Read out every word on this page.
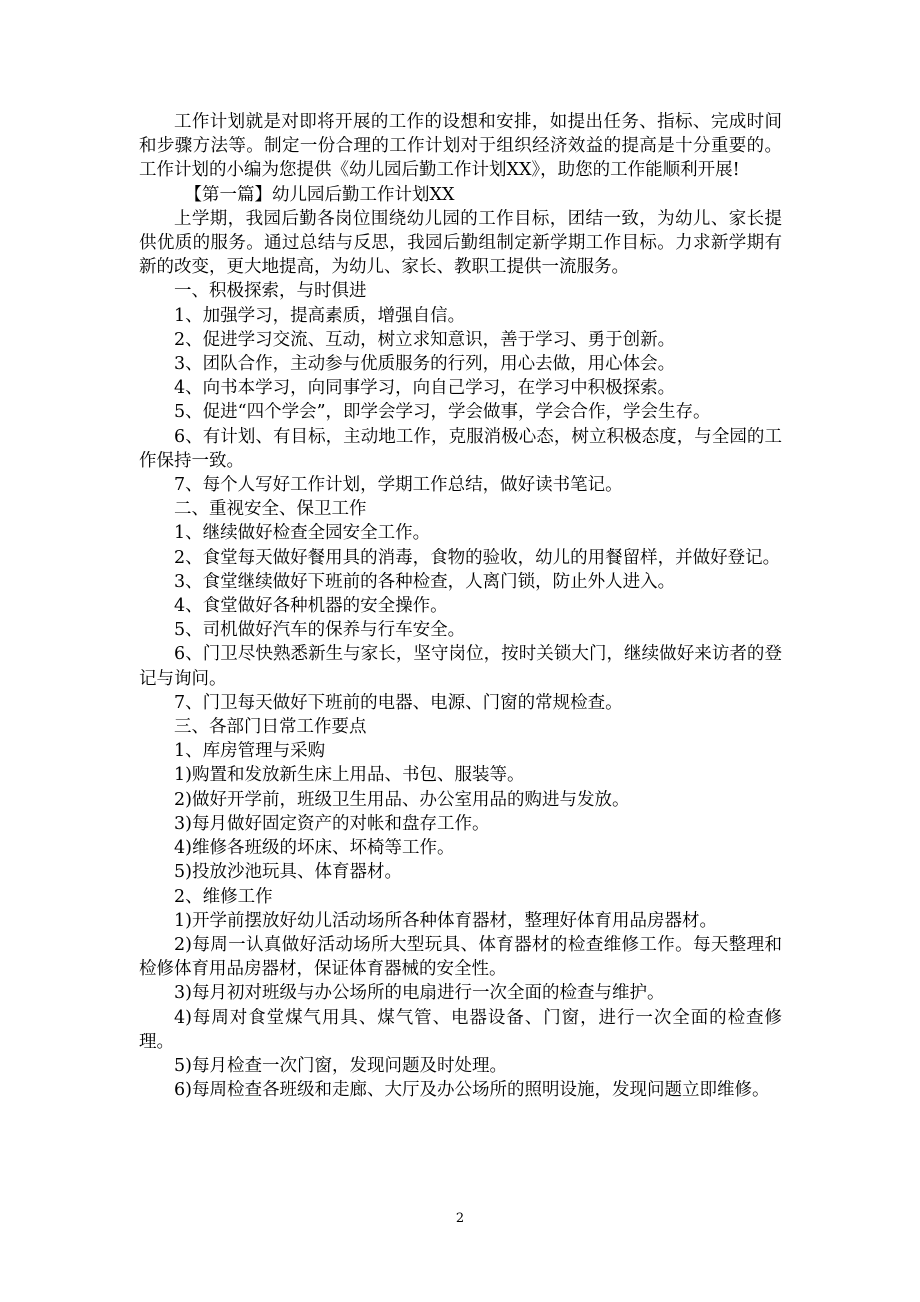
工作计划就是对即将开展的工作的设想和安排，如提出任务、指标、完成时间和步骤方法等。制定一份合理的工作计划对于组织经济效益的提高是十分重要的。工作计划的小编为您提供《幼儿园后勤工作计划XX》，助您的工作能顺利开展!

【第一篇】幼儿园后勤工作计划XX

上学期，我园后勤各岗位围绕幼儿园的工作目标，团结一致，为幼儿、家长提供优质的服务。通过总结与反思，我园后勤组制定新学期工作目标。力求新学期有新的改变，更大地提高，为幼儿、家长、教职工提供一流服务。

一、积极探索，与时俱进

1、加强学习，提高素质，增强自信。

2、促进学习交流、互动，树立求知意识，善于学习、勇于创新。

3、团队合作，主动参与优质服务的行列，用心去做，用心体会。

4、向书本学习，向同事学习，向自己学习，在学习中积极探索。

5、促进“四个学会”，即学会学习，学会做事，学会合作，学会生存。

6、有计划、有目标，主动地工作，克服消极心态，树立积极态度，与全园的工作保持一致。

7、每个人写好工作计划，学期工作总结，做好读书笔记。

二、重视安全、保卫工作

1、继续做好检查全园安全工作。

2、食堂每天做好餐用具的消毒，食物的验收，幼儿的用餐留样，并做好登记。

3、食堂继续做好下班前的各种检查，人离门锁，防止外人进入。

4、食堂做好各种机器的安全操作。

5、司机做好汽车的保养与行车安全。

6、门卫尽快熟悉新生与家长，坚守岗位，按时关锁大门，继续做好来访者的登记与询问。

7、门卫每天做好下班前的电器、电源、门窗的常规检查。

三、各部门日常工作要点

1、库房管理与采购

1)购置和发放新生床上用品、书包、服装等。

2)做好开学前，班级卫生用品、办公室用品的购进与发放。

3)每月做好固定资产的对帐和盘存工作。

4)维修各班级的坏床、坏椅等工作。

5)投放沙池玩具、体育器材。

2、维修工作

1)开学前摆放好幼儿活动场所各种体育器材，整理好体育用品房器材。

2)每周一认真做好活动场所大型玩具、体育器材的检查维修工作。每天整理和检修体育用品房器材，保证体育器械的安全性。

3)每月初对班级与办公场所的电扇进行一次全面的检查与维护。

4)每周对食堂煤气用具、煤气管、电器设备、门窗，进行一次全面的检查修理。

5)每月检查一次门窗，发现问题及时处理。

6)每周检查各班级和走廊、大厅及办公场所的照明设施，发现问题立即维修。

2
